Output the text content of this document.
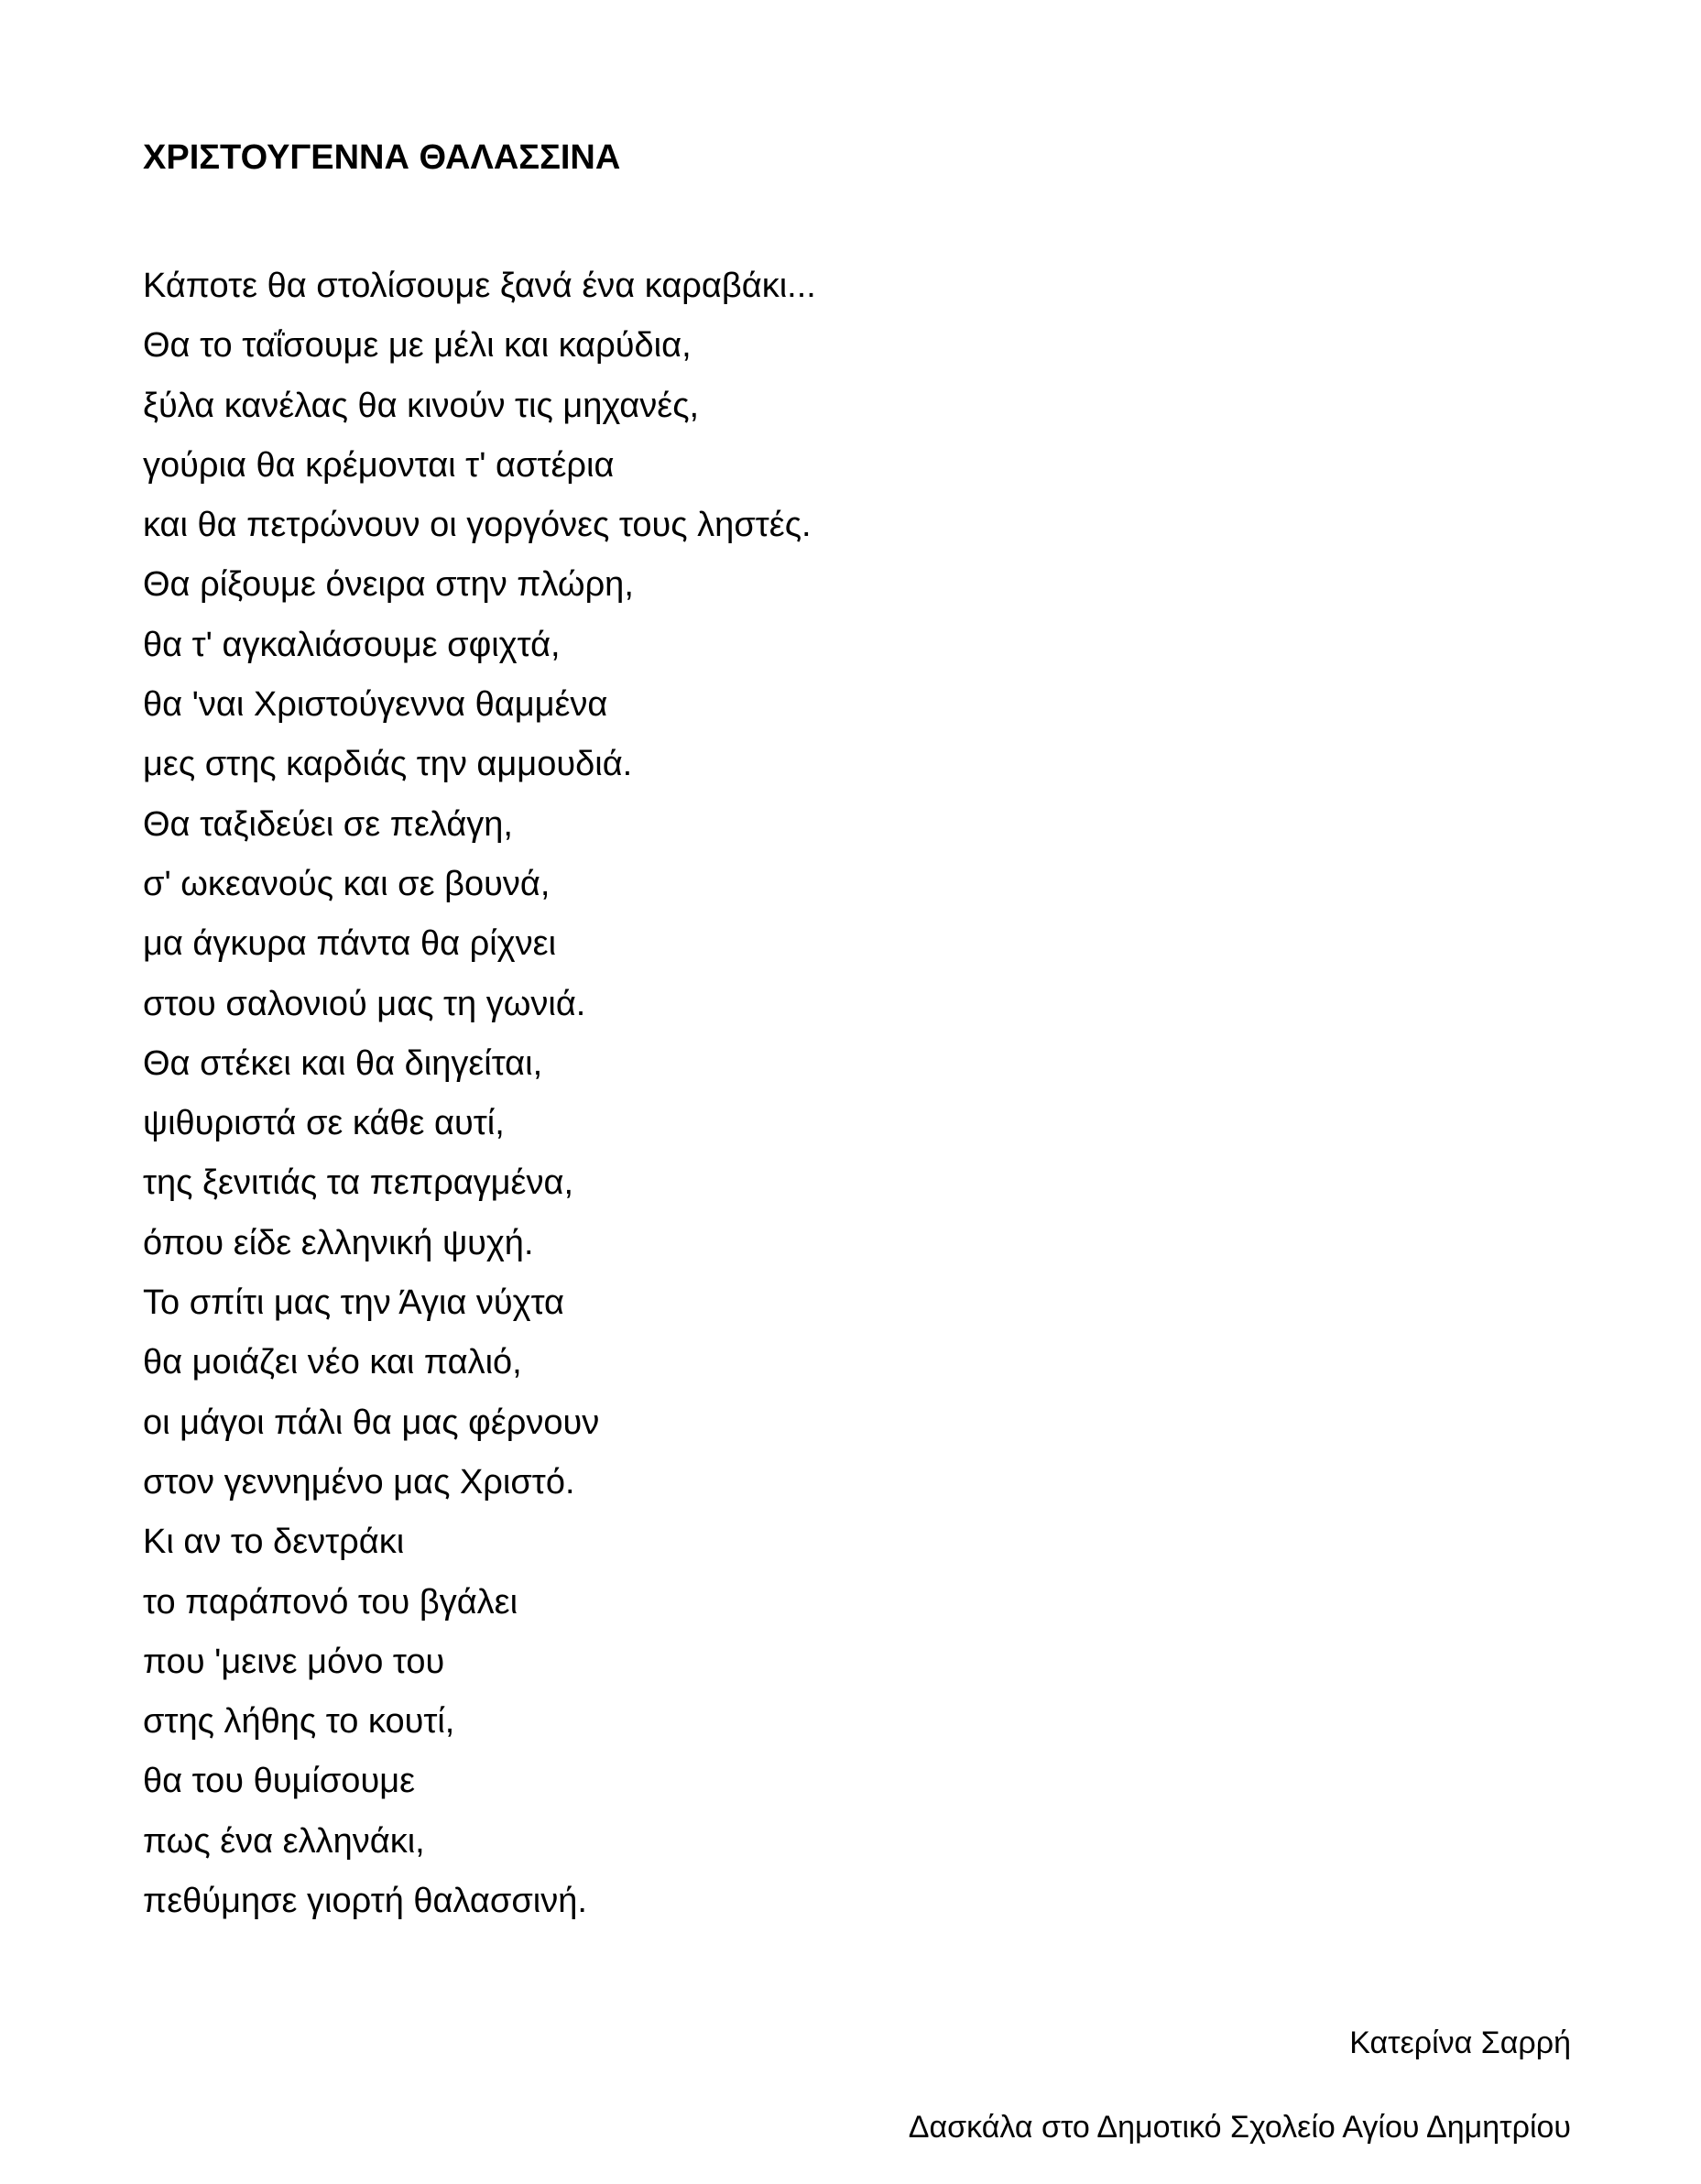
ΧΡΙΣΤΟΥΓΕΝΝΑ ΘΑΛΑΣΣΙΝΑ
Κάποτε θα στολίσουμε ξανά ένα καραβάκι...
Θα το ταΐσουμε με μέλι και καρύδια,
ξύλα κανέλας θα κινούν τις μηχανές,
γούρια θα κρέμονται τ' αστέρια
και θα πετρώνουν οι γοργόνες τους ληστές.
Θα ρίξουμε όνειρα στην πλώρη,
θα τ' αγκαλιάσουμε σφιχτά,
θα 'ναι Χριστούγεννα θαμμένα
μες στης καρδιάς την αμμουδιά.
Θα ταξιδεύει σε πελάγη,
σ' ωκεανούς και σε βουνά,
μα άγκυρα πάντα θα ρίχνει
στου σαλονιού μας τη γωνιά.
Θα στέκει και θα διηγείται,
ψιθυριστά σε κάθε αυτί,
της ξενιτιάς τα πεπραγμένα,
όπου είδε ελληνική ψυχή.
Το σπίτι μας την Άγια νύχτα
θα μοιάζει νέο και παλιό,
οι μάγοι πάλι θα μας φέρνουν
στον γεννημένο μας Χριστό.
Κι αν το δεντράκι
το παράπονό του βγάλει
που 'μεινε μόνο του
στης λήθης το κουτί,
θα του θυμίσουμε
πως ένα ελληνάκι,
πεθύμησε γιορτή θαλασσινή.
Κατερίνα Σαρρή
Δασκάλα στο Δημοτικό Σχολείο Αγίου Δημητρίου
